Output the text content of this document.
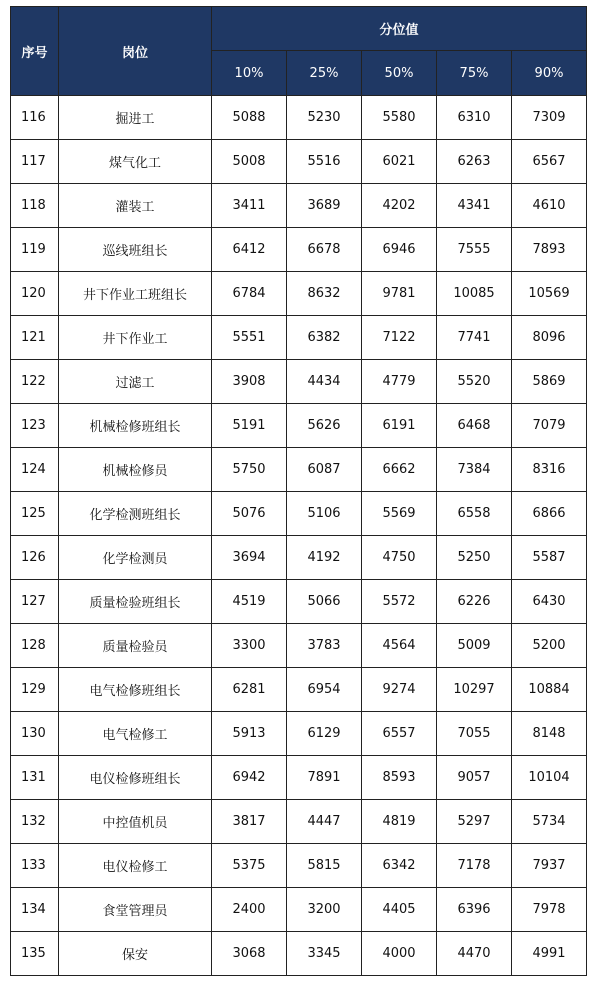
序号	岗位	分位值				
		10%	25%	50%	75%	90%
116	掘进工	5088	5230	5580	6310	7309
117	煤气化工	5008	5516	6021	6263	6567
118	灌装工	3411	3689	4202	4341	4610
119	巡线班组长	6412	6678	6946	7555	7893
120	井下作业工班组长	6784	8632	9781	10085	10569
121	井下作业工	5551	6382	7122	7741	8096
122	过滤工	3908	4434	4779	5520	5869
123	机械检修班组长	5191	5626	6191	6468	7079
124	机械检修员	5750	6087	6662	7384	8316
125	化学检测班组长	5076	5106	5569	6558	6866
126	化学检测员	3694	4192	4750	5250	5587
127	质量检验班组长	4519	5066	5572	6226	6430
128	质量检验员	3300	3783	4564	5009	5200
129	电气检修班组长	6281	6954	9274	10297	10884
130	电气检修工	5913	6129	6557	7055	8148
131	电仪检修班组长	6942	7891	8593	9057	10104
132	中控值机员	3817	4447	4819	5297	5734
133	电仪检修工	5375	5815	6342	7178	7937
134	食堂管理员	2400	3200	4405	6396	7978
135	保安	3068	3345	4000	4470	4991
